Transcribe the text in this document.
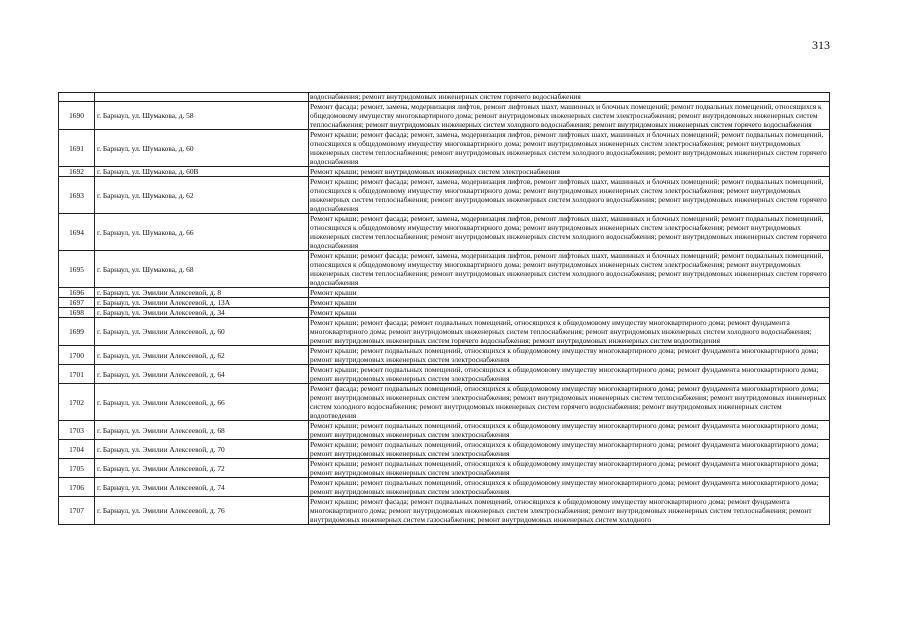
313
		водоснабжения; ремонт внутридомовых инженерных систем горячего водоснабжения
1690	г. Барнаул, ул. Шумакова, д. 58	Ремонт фасада; ремонт, замена, модернизация лифтов, ремонт лифтовых шахт, машинных и блочных помещений; ремонт подвальных помещений, относящихся к общедомовому имуществу многоквартирного дома; ремонт внутридомовых инженерных систем электроснабжения; ремонт внутридомовых инженерных систем теплоснабжения; ремонт внутридомовых инженерных систем холодного водоснабжения; ремонт внутридомовых инженерных систем горячего водоснабжения
1691	г. Барнаул, ул. Шумакова, д. 60	Ремонт крыши; ремонт фасада; ремонт, замена, модернизация лифтов, ремонт лифтовых шахт, машинных и блочных помещений; ремонт подвальных помещений, относящихся к общедомовому имуществу многоквартирного дома; ремонт внутридомовых инженерных систем электроснабжения; ремонт внутридомовых инженерных систем теплоснабжения; ремонт внутридомовых инженерных систем холодного водоснабжения; ремонт внутридомовых инженерных систем горячего водоснабжения
1692	г. Барнаул, ул. Шумакова, д. 60В	Ремонт крыши; ремонт внутридомовых инженерных систем электроснабжения
1693	г. Барнаул, ул. Шумакова, д. 62	Ремонт крыши; ремонт фасада; ремонт, замена, модернизация лифтов, ремонт лифтовых шахт, машинных и блочных помещений; ремонт подвальных помещений, относящихся к общедомовому имуществу многоквартирного дома; ремонт внутридомовых инженерных систем электроснабжения; ремонт внутридомовых инженерных систем теплоснабжения; ремонт внутридомовых инженерных систем холодного водоснабжения; ремонт внутридомовых инженерных систем горячего водоснабжения
1694	г. Барнаул, ул. Шумакова, д. 66	Ремонт крыши; ремонт фасада; ремонт, замена, модернизация лифтов, ремонт лифтовых шахт, машинных и блочных помещений; ремонт подвальных помещений, относящихся к общедомовому имуществу многоквартирного дома; ремонт внутридомовых инженерных систем электроснабжения; ремонт внутридомовых инженерных систем теплоснабжения; ремонт внутридомовых инженерных систем холодного водоснабжения; ремонт внутридомовых инженерных систем горячего водоснабжения
1695	г. Барнаул, ул. Шумакова, д. 68	Ремонт крыши; ремонт фасада; ремонт, замена, модернизация лифтов, ремонт лифтовых шахт, машинных и блочных помещений; ремонт подвальных помещений, относящихся к общедомовому имуществу многоквартирного дома; ремонт внутридомовых инженерных систем электроснабжения; ремонт внутридомовых инженерных систем теплоснабжения; ремонт внутридомовых инженерных систем холодного водоснабжения; ремонт внутридомовых инженерных систем горячего водоснабжения
1696	г. Барнаул, ул. Эмилии Алексеевой, д. 8	Ремонт крыши
1697	г. Барнаул, ул. Эмилии Алексеевой, д. 13А	Ремонт крыши
1698	г. Барнаул, ул. Эмилии Алексеевой, д. 34	Ремонт крыши
1699	г. Барнаул, ул. Эмилии Алексеевой, д. 60	Ремонт крыши; ремонт фасада; ремонт подвальных помещений, относящихся к общедомовому имуществу многоквартирного дома; ремонт фундамента многоквартирного дома; ремонт внутридомовых инженерных систем теплоснабжения; ремонт внутридомовых инженерных систем холодного водоснабжения; ремонт внутридомовых инженерных систем горячего водоснабжения; ремонт внутридомовых инженерных систем водоотведения
1700	г. Барнаул, ул. Эмилии Алексеевой, д. 62	Ремонт крыши; ремонт подвальных помещений, относящихся к общедомовому имуществу многоквартирного дома; ремонт фундамента многоквартирного дома; ремонт внутридомовых инженерных систем электроснабжения
1701	г. Барнаул, ул. Эмилии Алексеевой, д. 64	Ремонт крыши; ремонт подвальных помещений, относящихся к общедомовому имуществу многоквартирного дома; ремонт фундамента многоквартирного дома; ремонт внутридомовых инженерных систем электроснабжения
1702	г. Барнаул, ул. Эмилии Алексеевой, д. 66	Ремонт фасада; ремонт подвальных помещений, относящихся к общедомовому имуществу многоквартирного дома; ремонт фундамента многоквартирного дома; ремонт внутридомовых инженерных систем электроснабжения; ремонт внутридомовых инженерных систем теплоснабжения; ремонт внутридомовых инженерных систем холодного водоснабжения; ремонт внутридомовых инженерных систем горячего водоснабжения; ремонт внутридомовых инженерных систем водоотведения
1703	г. Барнаул, ул. Эмилии Алексеевой, д. 68	Ремонт крыши; ремонт подвальных помещений, относящихся к общедомовому имуществу многоквартирного дома; ремонт фундамента многоквартирного дома; ремонт внутридомовых инженерных систем электроснабжения
1704	г. Барнаул, ул. Эмилии Алексеевой, д. 70	Ремонт крыши; ремонт подвальных помещений, относящихся к общедомовому имуществу многоквартирного дома; ремонт фундамента многоквартирного дома; ремонт внутридомовых инженерных систем электроснабжения
1705	г. Барнаул, ул. Эмилии Алексеевой, д. 72	Ремонт крыши; ремонт подвальных помещений, относящихся к общедомовому имуществу многоквартирного дома; ремонт фундамента многоквартирного дома; ремонт внутридомовых инженерных систем электроснабжения
1706	г. Барнаул, ул. Эмилии Алексеевой, д. 74	Ремонт крыши; ремонт подвальных помещений, относящихся к общедомовому имуществу многоквартирного дома; ремонт фундамента многоквартирного дома; ремонт внутридомовых инженерных систем электроснабжения
1707	г. Барнаул, ул. Эмилии Алексеевой, д. 76	Ремонт крыши; ремонт фасада; ремонт подвальных помещений, относящихся к общедомовому имуществу многоквартирного дома; ремонт фундамента многоквартирного дома; ремонт внутридомовых инженерных систем электроснабжения; ремонт внутридомовых инженерных систем теплоснабжения; ремонт внутридомовых инженерных систем газоснабжения; ремонт внутридомовых инженерных систем холодного
